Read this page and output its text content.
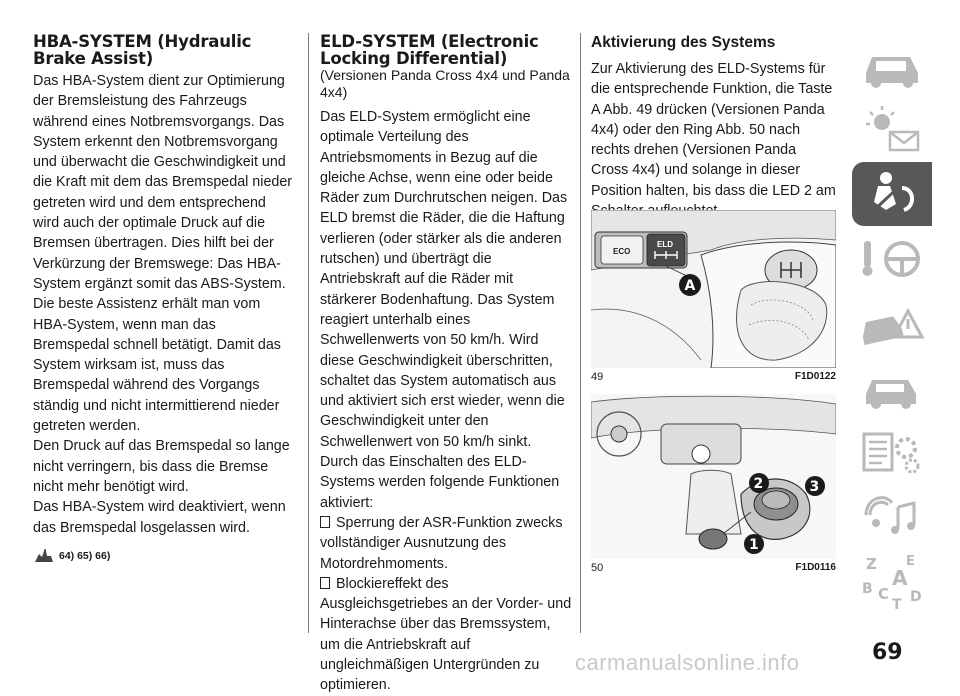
HBA-SYSTEM (Hydraulic Brake Assist)

Das HBA-System dient zur Optimierung der Bremsleistung des Fahrzeugs während eines Notbremsvorgangs. Das System erkennt den Notbremsvorgang und überwacht die Geschwindigkeit und die Kraft mit dem das Bremspedal nieder getreten wird und dem entsprechend wird auch der optimale Druck auf die Bremsen übertragen. Dies hilft bei der Verkürzung der Bremswege: Das HBA-System ergänzt somit das ABS-System.

Die beste Assistenz erhält man vom HBA-System, wenn man das Bremspedal schnell betätigt. Damit das System wirksam ist, muss das Bremspedal während des Vorgangs ständig und nicht intermittierend nieder getreten werden.

Den Druck auf das Bremspedal so lange nicht verringern, bis dass die Bremse nicht mehr benötigt wird.

Das HBA-System wird deaktiviert, wenn das Bremspedal losgelassen wird.

64) 65) 66)
ELD-SYSTEM (Electronic Locking Differential)
(Versionen Panda Cross 4x4 und Panda 4x4)

Das ELD-System ermöglicht eine optimale Verteilung des Antriebsmoments in Bezug auf die gleiche Achse, wenn eine oder beide Räder zum Durchrutschen neigen. Das ELD bremst die Räder, die die Haftung verlieren (oder stärker als die anderen rutschen) und überträgt die Antriebskraft auf die Räder mit stärkerer Bodenhaftung. Das System reagiert unterhalb eines Schwellenwerts von 50 km/h. Wird diese Geschwindigkeit überschritten, schaltet das System automatisch aus und aktiviert sich erst wieder, wenn die Geschwindigkeit unter den Schwellenwert von 50 km/h sinkt.

Durch das Einschalten des ELD-Systems werden folgende Funktionen aktiviert:

Sperrung der ASR-Funktion zwecks vollständiger Ausnutzung des Motordrehmoments.

Blockiereffekt des Ausgleichsgetriebes an der Vorder- und Hinterachse über das Bremssystem, um die Antriebskraft auf ungleichmäßigen Untergründen zu optimieren.

Aktivierung des Systems

Zur Aktivierung des ELD-Systems für die entsprechende Funktion, die Taste A Abb. 49 drücken (Versionen Panda 4x4) oder den Ring Abb. 50 nach rechts drehen (Versionen Panda Cross 4x4) und solange in dieser Position halten, bis dass die LED 2 am

ECO
ELD
A
49	F1D0122
2	3
1
50	F1D0116 Z E
A
B C
T D
carmanualsonline.info	69
